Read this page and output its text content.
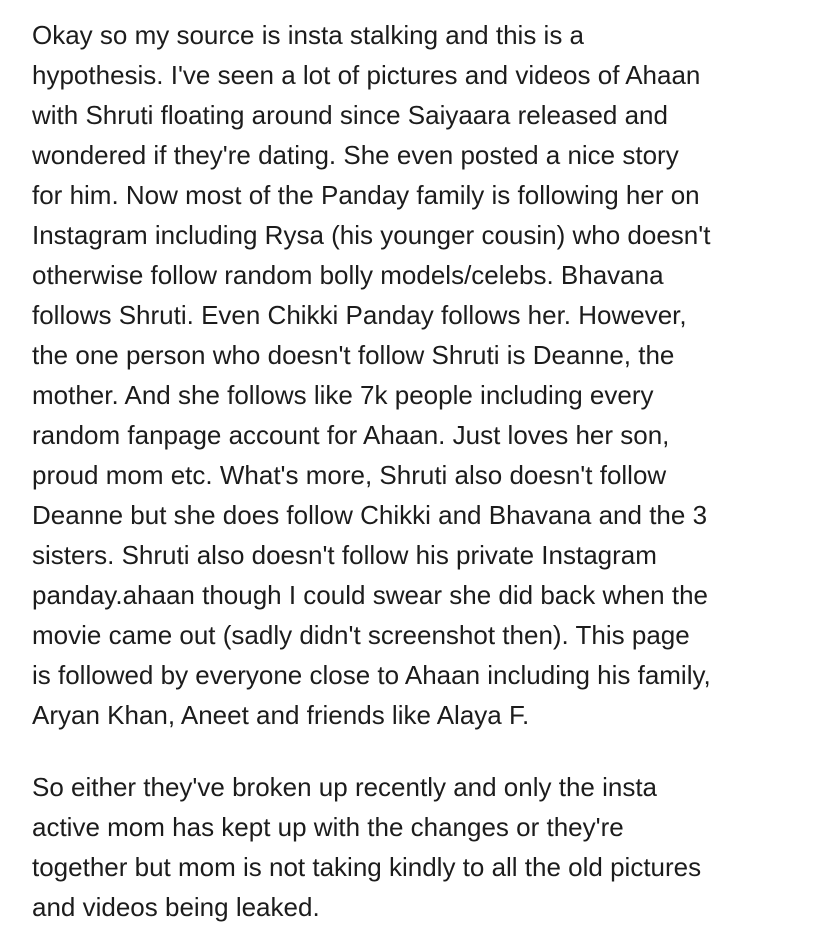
Okay so my source is insta stalking and this is a
hypothesis. I've seen a lot of pictures and videos of Ahaan
with Shruti floating around since Saiyaara released and
wondered if they're dating. She even posted a nice story
for him. Now most of the Panday family is following her on
Instagram including Rysa (his younger cousin) who doesn't
otherwise follow random bolly models/celebs. Bhavana
follows Shruti. Even Chikki Panday follows her. However,
the one person who doesn't follow Shruti is Deanne, the
mother. And she follows like 7k people including every
random fanpage account for Ahaan. Just loves her son,
proud mom etc. What's more, Shruti also doesn't follow
Deanne but she does follow Chikki and Bhavana and the 3
sisters. Shruti also doesn't follow his private Instagram
panday.ahaan though I could swear she did back when the
movie came out (sadly didn't screenshot then). This page
is followed by everyone close to Ahaan including his family,
Aryan Khan, Aneet and friends like Alaya F.

So either they've broken up recently and only the insta
active mom has kept up with the changes or they're
together but mom is not taking kindly to all the old pictures
and videos being leaked.
